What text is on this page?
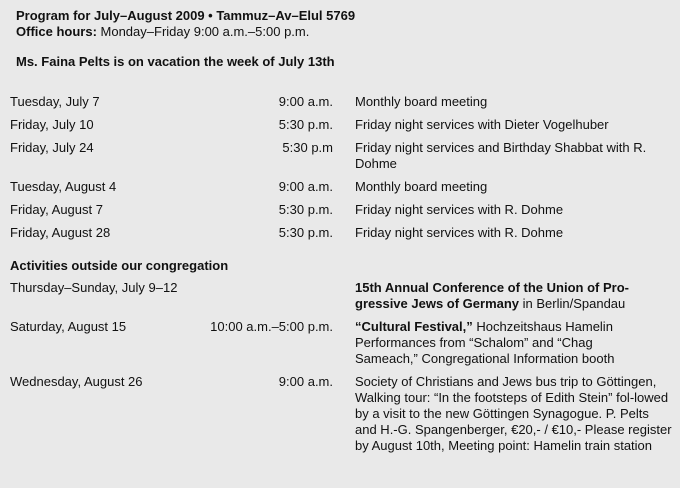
Program for July–August 2009 • Tammuz–Av–Elul 5769
Office hours: Monday–Friday 9:00 a.m.–5:00 p.m.
Ms. Faina Pelts is on vacation the week of July 13th
Tuesday, July 7	9:00 a.m. Monthly board meeting
Friday, July 10	5:30 p.m. Friday night services with Dieter Vogelhuber
Friday, July 24	5:30 p.m Friday night services and Birthday Shabbat with R. Dohme
Tuesday, August 4	9:00 a.m. Monthly board meeting
Friday, August 7	5:30 p.m. Friday night services with R. Dohme
Friday, August 28	5:30 p.m. Friday night services with R. Dohme
Activities outside our congregation
Thursday–Sunday, July 9–12	15th Annual Conference of the Union of Pro-gressive Jews of Germany in Berlin/Spandau
Saturday, August 15	10:00 a.m.–5:00 p.m. “Cultural Festival,” Hochzeitshaus Hamelin Performances from “Schalom” and “Chag Sameach,” Congregational Information booth
Wednesday, August 26	9:00 a.m. Society of Christians and Jews bus trip to Göttingen, Walking tour: “In the footsteps of Edith Stein” fol-lowed by a visit to the new Göttingen Synagogue. P. Pelts and H.-G. Spangenberger, €20,- / €10,- Please register by August 10th, Meeting point: Hamelin train station
